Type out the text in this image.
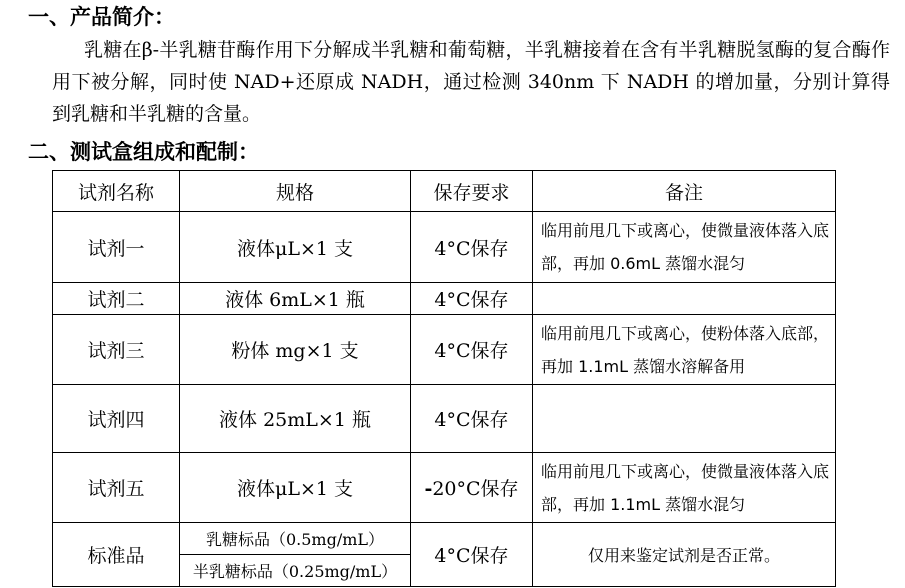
一、产品简介：
乳糖在β-半乳糖苷酶作用下分解成半乳糖和葡萄糖，半乳糖接着在含有半乳糖脱氢酶的复合酶作用下被分解，同时使 NAD+还原成 NADH，通过检测 340nm 下 NADH 的增加量，分别计算得到乳糖和半乳糖的含量。
二、测试盒组成和配制：
试剂名称	规格	保存要求	备注
试剂一	液体μL×1 支	4°C保存	临用前甩几下或离心，使微量液体落入底部，再加 0.6mL 蒸馏水混匀
试剂二	液体 6mL×1 瓶	4°C保存	
试剂三	粉体 mg×1 支	4°C保存	临用前甩几下或离心，使粉体落入底部，再加 1.1mL 蒸馏水溶解备用
试剂四	液体 25mL×1 瓶	4°C保存	
试剂五	液体μL×1 支	-20°C保存	临用前甩几下或离心，使微量液体落入底部，再加 1.1mL 蒸馏水混匀
标准品	乳糖标品（0.5mg/mL）	4°C保存	仅用来鉴定试剂是否正常。
	半乳糖标品（0.25mg/mL）		
